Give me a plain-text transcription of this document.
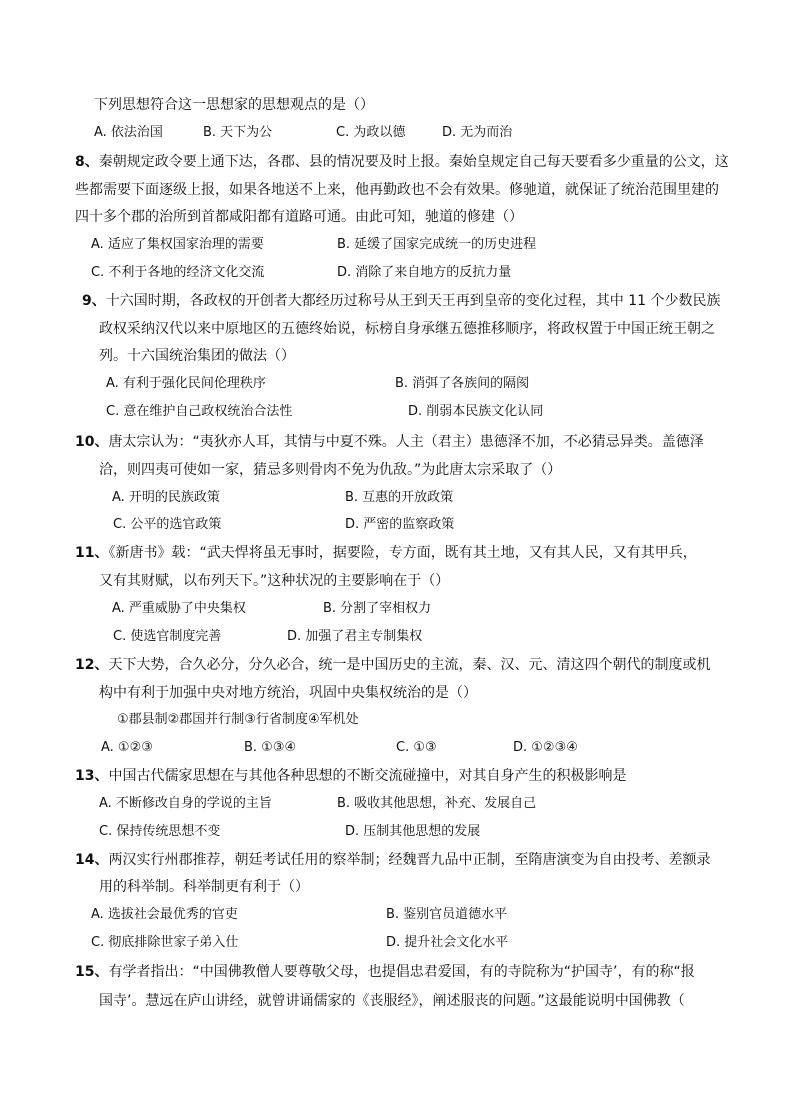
下列思想符合这一思想家的思想观点的是（）
A. 依法治国	B. 天下为公	C. 为政以德	D. 无为而治
8、秦朝规定政令要上通下达，各郡、县的情况要及时上报。秦始皇规定自己每天要看多少重量的公文，这
些都需要下面逐级上报，如果各地送不上来，他再勤政也不会有效果。修驰道，就保证了统治范围里建的
四十多个郡的治所到首都咸阳都有道路可通。由此可知，驰道的修建（）
A. 适应了集权国家治理的需要	B. 延缓了国家完成统一的历史进程
C. 不利于各地的经济文化交流	D. 消除了来自地方的反抗力量
9、十六国时期，各政权的开创者大都经历过称号从王到天王再到皇帝的变化过程，其中 11 个少数民族
政权采纳汉代以来中原地区的五德终始说，标榜自身承继五德推移顺序，将政权置于中国正统王朝之
列。十六国统治集团的做法（）
A. 有利于强化民间伦理秩序	B. 消弭了各族间的隔阂
C. 意在维护自己政权统治合法性	D. 削弱本民族文化认同
10、唐太宗认为：“夷狄亦人耳，其情与中夏不殊。人主（君主）患德泽不加，不必猜忌异类。盖德泽
洽，则四夷可使如一家，猜忌多则骨肉不免为仇敌。”为此唐太宗采取了（）
A. 开明的民族政策	B. 互惠的开放政策
C. 公平的选官政策	D. 严密的监察政策
11、《新唐书》载：“武夫悍将虽无事时，据要险，专方面，既有其土地，又有其人民，又有其甲兵，
又有其财赋，以布列天下。”这种状况的主要影响在于（）
A. 严重威胁了中央集权	B. 分割了宰相权力
C. 使选官制度完善	D. 加强了君主专制集权
12、天下大势，合久必分，分久必合，统一是中国历史的主流，秦、汉、元、清这四个朝代的制度或机
构中有利于加强中央对地方统治，巩固中央集权统治的是（）
①郡县制②郡国并行制③行省制度④军机处
A. ①②③	B. ①③④	C. ①③	D. ①②③④
13、中国古代儒家思想在与其他各种思想的不断交流碰撞中，对其自身产生的积极影响是
A. 不断修改自身的学说的主旨	B. 吸收其他思想，补充、发展自己
C. 保持传统思想不变	D. 压制其他思想的发展
14、两汉实行州郡推荐，朝廷考试任用的察举制；经魏晋九品中正制，至隋唐演变为自由投考、差额录
用的科举制。科举制更有利于（）
A. 选拔社会最优秀的官吏	B. 鉴别官员道德水平
C. 彻底排除世家子弟入仕	D. 提升社会文化水平
15、有学者指出：“中国佛教僧人要尊敬父母，也提倡忠君爱国，有的寺院称为“护国寺’，有的称“报
国寺’。慧远在庐山讲经，就曾讲诵儒家的《丧服经》，阐述服丧的问题。”这最能说明中国佛教（
